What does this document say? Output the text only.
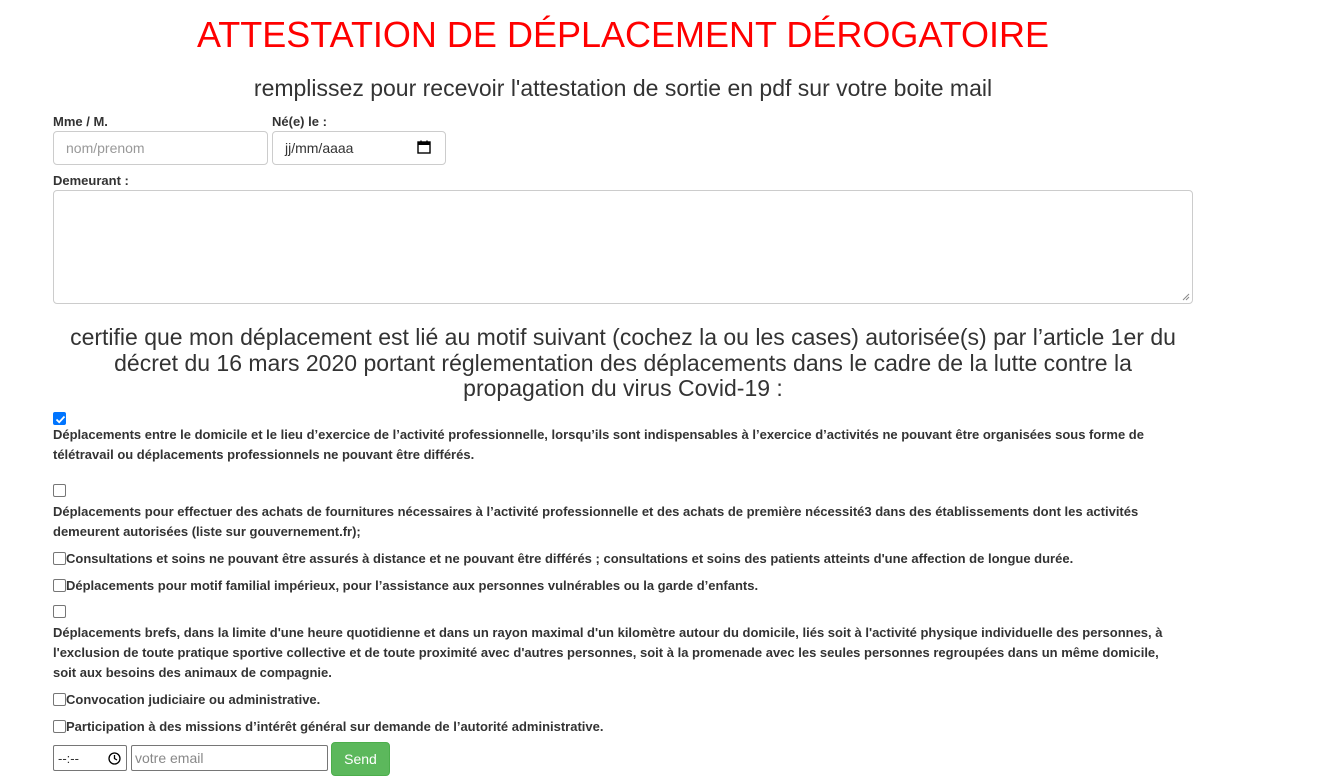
ATTESTATION DE DÉPLACEMENT DÉROGATOIRE

remplissez pour recevoir l'attestation de sortie en pdf sur votre boite mail

Mme / M.
nom/prenom	Né(e) le :
jj/mm/aaaa
Demeurant :

certifie que mon déplacement est lié au motif suivant (cochez la ou les cases) autorisée(s) par l’article 1er du décret du 16 mars 2020 portant réglementation des déplacements dans le cadre de la lutte contre la propagation du virus Covid-19 :

Déplacements entre le domicile et le lieu d’exercice de l’activité professionnelle, lorsqu’ils sont indispensables à l’exercice d’activités ne pouvant être organisées sous forme de télétravail ou déplacements professionnels ne pouvant être différés.
Déplacements pour effectuer des achats de fournitures nécessaires à l’activité professionnelle et des achats de première nécessité3 dans des établissements dont les activités demeurent autorisées (liste sur gouvernement.fr);
Consultations et soins ne pouvant être assurés à distance et ne pouvant être différés ; consultations et soins des patients atteints d'une affection de longue durée.
Déplacements pour motif familial impérieux, pour l’assistance aux personnes vulnérables ou la garde d’enfants.
Déplacements brefs, dans la limite d'une heure quotidienne et dans un rayon maximal d'un kilomètre autour du domicile, liés soit à l'activité physique individuelle des personnes, à l'exclusion de toute pratique sportive collective et de toute proximité avec d'autres personnes, soit à la promenade avec les seules personnes regroupées dans un même domicile, soit aux besoins des animaux de compagnie.
Convocation judiciaire ou administrative.
Participation à des missions d’intérêt général sur demande de l’autorité administrative.
--:--
votre email	Send
